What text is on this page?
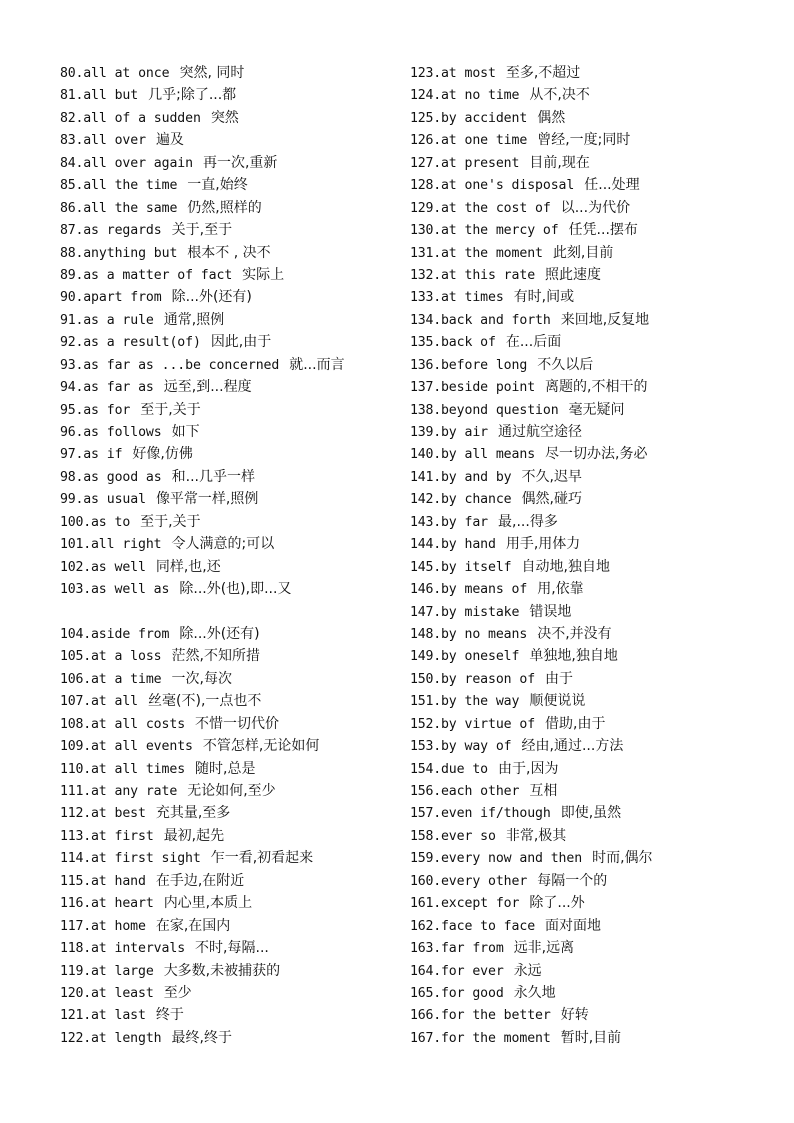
80.all at once 突然, 同时
81.all but 几乎;除了...都
82.all of a sudden 突然
83.all over 遍及
84.all over again 再一次,重新
85.all the time 一直,始终
86.all the same 仍然,照样的
87.as regards 关于,至于
88.anything but 根本不 , 决不
89.as a matter of fact 实际上
90.apart from 除...外(还有)
91.as a rule 通常,照例
92.as a result(of) 因此,由于
93.as far as ...be concerned 就...而言
94.as far as 远至,到...程度
95.as for 至于,关于
96.as follows 如下
97.as if 好像,仿佛
98.as good as 和...几乎一样
99.as usual 像平常一样,照例
100.as to 至于,关于
101.all right 令人满意的;可以
102.as well 同样,也,还
103.as well as 除...外(也),即...又
104.aside from 除...外(还有)
105.at a loss 茫然,不知所措
106.at a time 一次,每次
107.at all 丝毫(不),一点也不
108.at all costs 不惜一切代价
109.at all events 不管怎样,无论如何
110.at all times 随时,总是
111.at any rate 无论如何,至少
112.at best 充其量,至多
113.at first 最初,起先
114.at first sight 乍一看,初看起来
115.at hand 在手边,在附近
116.at heart 内心里,本质上
117.at home 在家,在国内
118.at intervals 不时,每隔...
119.at large 大多数,未被捕获的
120.at least 至少
121.at last 终于
122.at length 最终,终于
123.at most 至多,不超过
124.at no time 从不,决不
125.by accident 偶然
126.at one time 曾经,一度;同时
127.at present 目前,现在
128.at one's disposal 任...处理
129.at the cost of 以...为代价
130.at the mercy of 任凭...摆布
131.at the moment 此刻,目前
132.at this rate 照此速度
133.at times 有时,间或
134.back and forth 来回地,反复地
135.back of 在...后面
136.before long 不久以后
137.beside point 离题的,不相干的
138.beyond question 毫无疑问
139.by air 通过航空途径
140.by all means 尽一切办法,务必
141.by and by 不久,迟早
142.by chance 偶然,碰巧
143.by far 最,...得多
144.by hand 用手,用体力
145.by itself 自动地,独自地
146.by means of 用,依靠
147.by mistake 错误地
148.by no means 决不,并没有
149.by oneself 单独地,独自地
150.by reason of 由于
151.by the way 顺便说说
152.by virtue of 借助,由于
153.by way of 经由,通过...方法
154.due to 由于,因为
156.each other 互相
157.even if/though 即使,虽然
158.ever so 非常,极其
159.every now and then 时而,偶尔
160.every other 每隔一个的
161.except for 除了...外
162.face to face 面对面地
163.far from 远非,远离
164.for ever 永远
165.for good 永久地
166.for the better 好转
167.for the moment 暂时,目前
